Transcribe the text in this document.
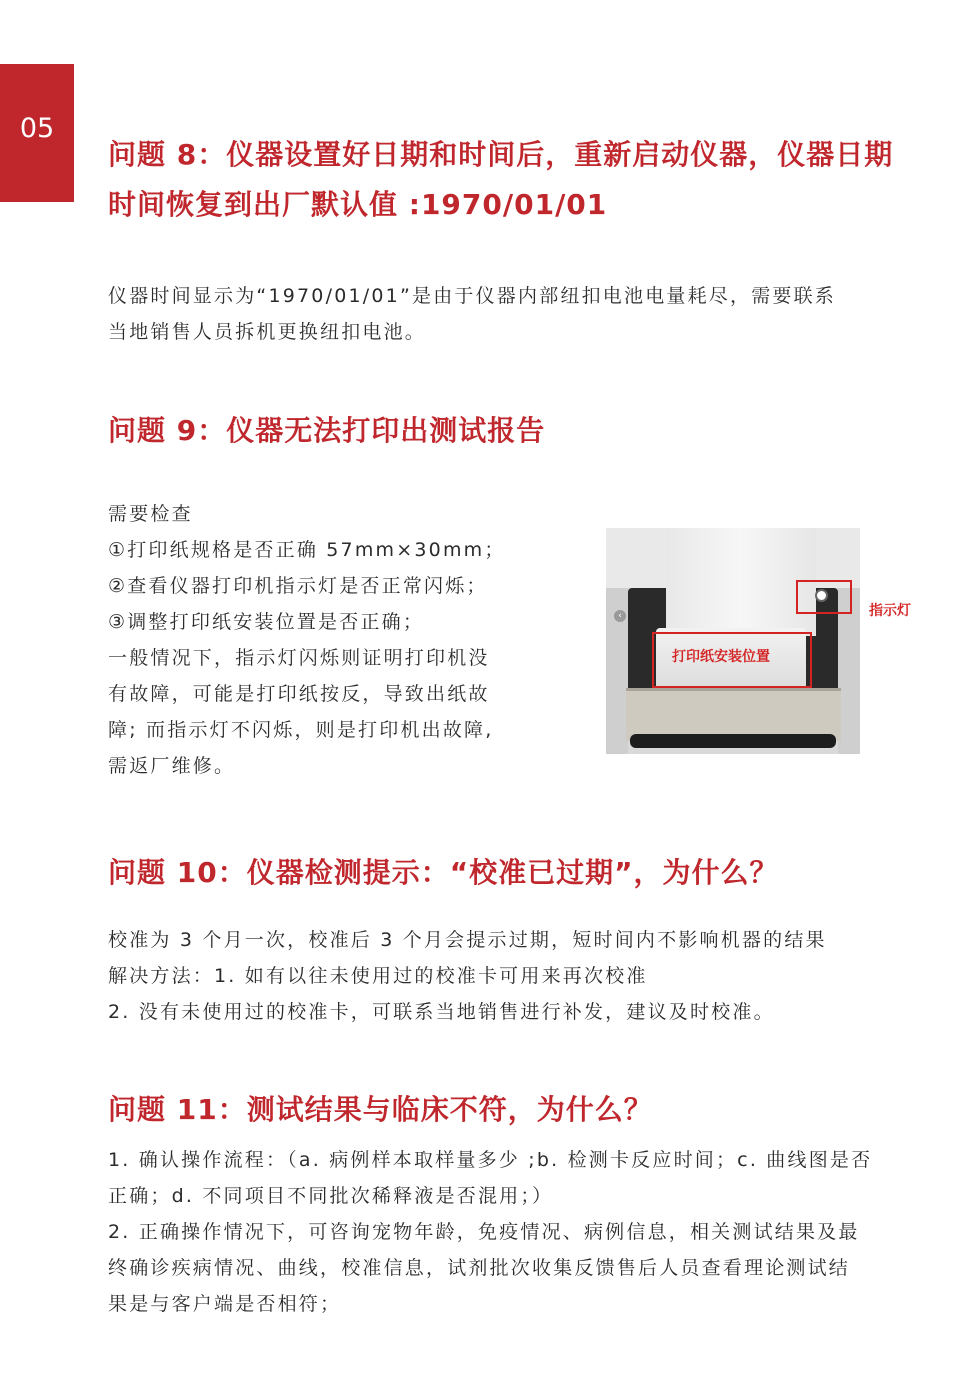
05
问题 8：仪器设置好日期和时间后，重新启动仪器，仪器日期
时间恢复到出厂默认值 :1970/01/01
仪器时间显示为“1970/01/01”是由于仪器内部纽扣电池电量耗尽，需要联系
当地销售人员拆机更换纽扣电池。
问题 9：仪器无法打印出测试报告
需要检查
①打印纸规格是否正确 57mm×30mm；
②查看仪器打印机指示灯是否正常闪烁；
③调整打印纸安装位置是否正确；
一般情况下，指示灯闪烁则证明打印机没
有故障，可能是打印纸按反，导致出纸故
障; 而指示灯不闪烁，则是打印机出故障,
需返厂维修。
‹
打印纸安装位置
指示灯
问题 10：仪器检测提示：“校准已过期”，为什么？
校准为 3 个月一次，校准后 3 个月会提示过期，短时间内不影响机器的结果
解决方法：1. 如有以往未使用过的校准卡可用来再次校准
2. 没有未使用过的校准卡，可联系当地销售进行补发，建议及时校准。
问题 11：测试结果与临床不符，为什么？
1. 确认操作流程：（a. 病例样本取样量多少 ;b. 检测卡反应时间；c. 曲线图是否
正确；d. 不同项目不同批次稀释液是否混用；）
2. 正确操作情况下，可咨询宠物年龄，免疫情况、病例信息，相关测试结果及最
终确诊疾病情况、曲线，校准信息，试剂批次收集反馈售后人员查看理论测试结
果是与客户端是否相符；
